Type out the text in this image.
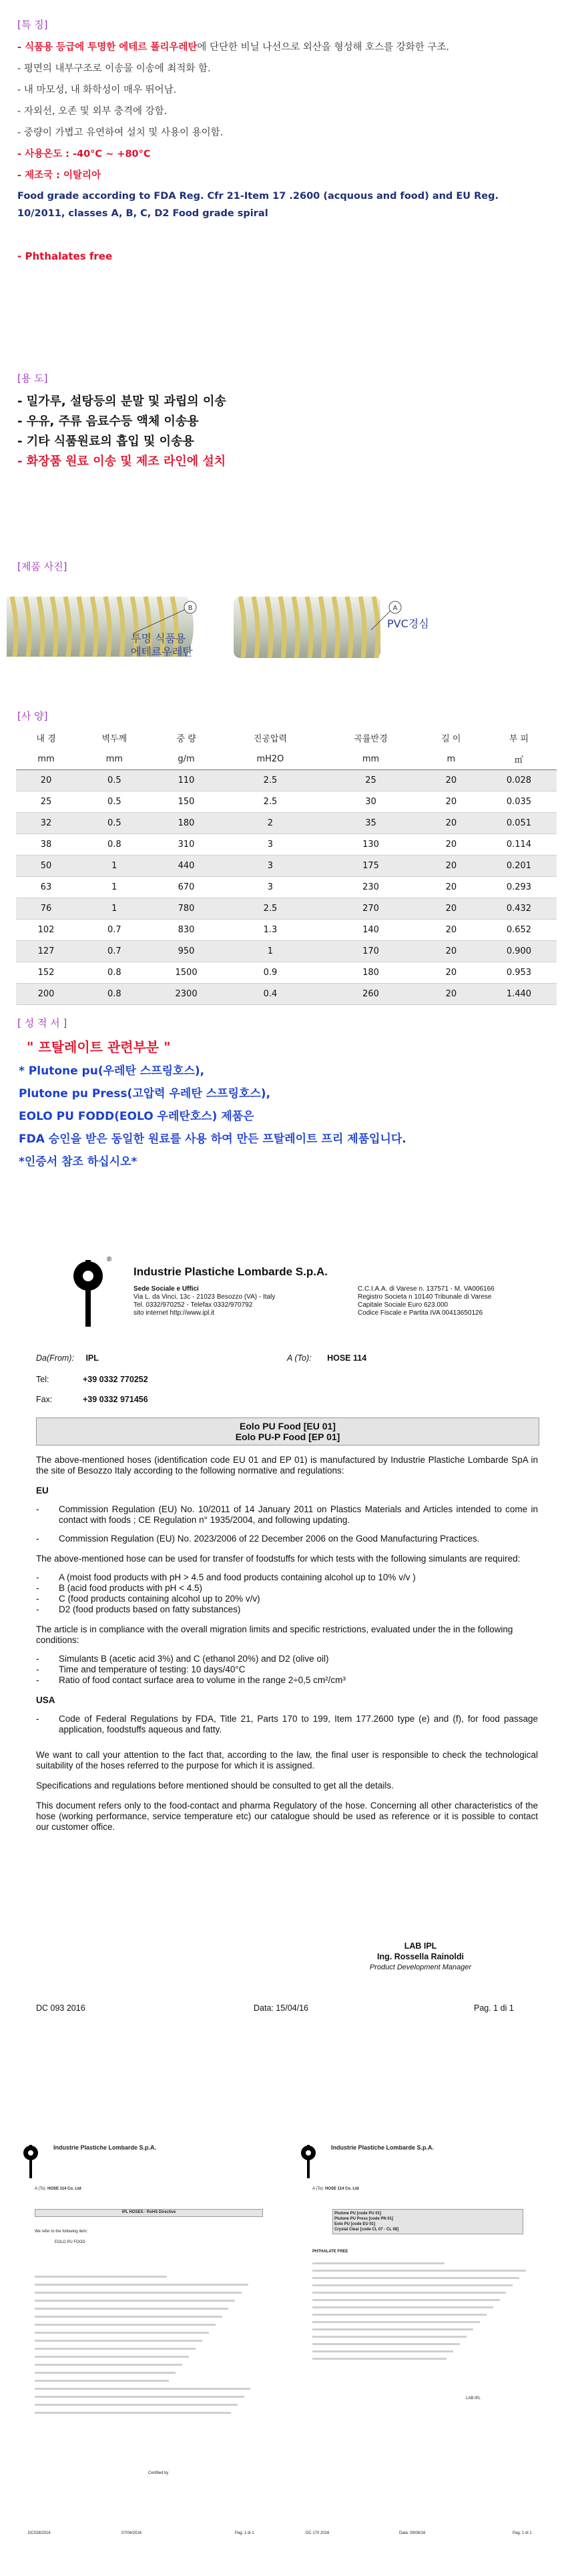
[특 징]
- 식품용 등급에 투명한 에테르 폴리우레탄에 단단한 비닐 나선으로 외산을 형성해 호스를 강화한 구조.
- 평면의 내부구조로 이송물 이송에 최적화 함.
- 내 마모성, 내 화학성이 매우 뛰어남.
- 자외선, 오존 및 외부 충격에 강함.
- 중량이 가볍고 유연하여 설치 및 사용이 용이함.
- 사용온도 : -40°C ~ +80°C
- 제조국 : 이탈리아
Food grade according to FDA Reg. Cfr 21-Item 17 .2600 (acquous and food) and EU Reg. 10/2011, classes A, B, C, D2 Food grade spiral
- Phthalates free
[용 도]
- 밀가루, 설탕등의 분말 및 과립의 이송
- 우유, 주류 음료수등 액체 이송용
- 기타 식품원료의 흡입 및 이송용
- 화장품 원료 이송 및 제조 라인에 설치
[제품 사진]
B
투명 식품용
에테르우레탄
A
PVC경심
[사 양]
내 경	벽두께	중 량	진공압력	곡률반경	길 이	부 피
mm	mm	g/m	mH2O	mm	m	㎥
20	0.5	110	2.5	25	20	0.028
25	0.5	150	2.5	30	20	0.035
32	0.5	180	2	35	20	0.051
38	0.8	310	3	130	20	0.114
50	1	440	3	175	20	0.201
63	1	670	3	230	20	0.293
76	1	780	2.5	270	20	0.432
102	0.7	830	1.3	140	20	0.652
127	0.7	950	1	170	20	0.900
152	0.8	1500	0.9	180	20	0.953
200	0.8	2300	0.4	260	20	1.440
[ 성 적 서 ]
" 프탈레이트 관련부분 "
* Plutone pu(우레탄 스프링호스),
Plutone pu Press(고압력 우레탄 스프링호스),
EOLO PU FODD(EOLO 우레탄호스) 제품은
FDA 승인을 받은 동일한 원료를 사용 하여 만든 프탈레이트 프리 제품입니다.
*인증서 참조 하십시오*
®
Industrie Plastiche Lombarde S.p.A.
Sede Sociale e Uffici
Via L. da Vinci, 13c - 21023 Besozzo (VA) - Italy
Tel. 0332/970252 - Telefax 0332/970792
sito internet http://www.ipl.it
C.C.I.A.A. di Varese n. 137571 - M. VA006166
Registro Societa n 10140 Tribunale di Varese
Capitale Sociale Euro 623.000
Codice Fiscale e Partita IVA 00413650126
Da(From): IPL	A (To): HOSE 114
Tel:	+39 0332 770252
Fax:	+39 0332 971456
Eolo PU Food [EU 01]
Eolo PU-P Food [EP 01]

The above-mentioned hoses (identification code EU 01 and EP 01) is manufactured by Industrie Plastiche Lombarde SpA in the site of Besozzo Italy according to the following normative and regulations:

EU
-	Commission Regulation (EU) No. 10/2011 of 14 January 2011 on Plastics Materials and Articles intended to come in contact with foods ; CE Regulation n° 1935/2004, and following updating.
-	Commission Regulation (EU) No. 2023/2006 of 22 December 2006 on the Good Manufacturing Practices.

The above-mentioned hose can be used for transfer of foodstuffs for which tests with the following simulants are required:

-	A (moist food products with pH > 4.5 and food products containing alcohol up to 10% v/v )
-	B (acid food products with pH < 4.5)
-	C (food products containing alcohol up to 20% v/v)
-	D2 (food products based on fatty substances)

The article is in compliance with the overall migration limits and specific restrictions, evaluated under the in the following conditions:

-	Simulants B (acetic acid 3%) and C (ethanol 20%) and D2 (olive oil)
-	Time and temperature of testing: 10 days/40°C
-	Ratio of food contact surface area to volume in the range 2÷0,5 cm²/cm³
USA
-	Code of Federal Regulations by FDA, Title 21, Parts 170 to 199, Item 177.2600 type (e) and (f), for food passage application, foodstuffs aqueous and fatty.

We want to call your attention to the fact that, according to the law, the final user is responsible to check the technological suitability of the hoses referred to the purpose for which it is assigned.

Specifications and regulations before mentioned should be consulted to get all the details.

This document refers only to the food-contact and pharma Regulatory of the hose. Concerning all other characteristics of the hose (working performance, service temperature etc) our catalogue should be used as reference or it is possible to contact our customer office.

LAB IPL
Ing. Rossella Rainoldi
Product Development Manager
DC 093 2016	Data: 15/04/16	Pag. 1 di 1
Industrie Plastiche Lombarde S.p.A.
A (To): HOSE 114 Co. Ltd
IPL HOSES - RoHS Directive
We refer to the following item:
EOLO PU FOOD
Certified by
DC028/2016	07/04/2016	Pag. 1 di 1
Industrie Plastiche Lombarde S.p.A.
A (To): HOSE 114 Co. Ltd
Plutone PU [code PU 01]
Plutone PU Press [code PN 01]
Eolo PU [code EU 01]
Crystal Clear [code CL 07 - CL 08]
PHTHALATE FREE
LAB IPL
DC 170 2016	Data: 09/08/16	Pag. 1 di 1
